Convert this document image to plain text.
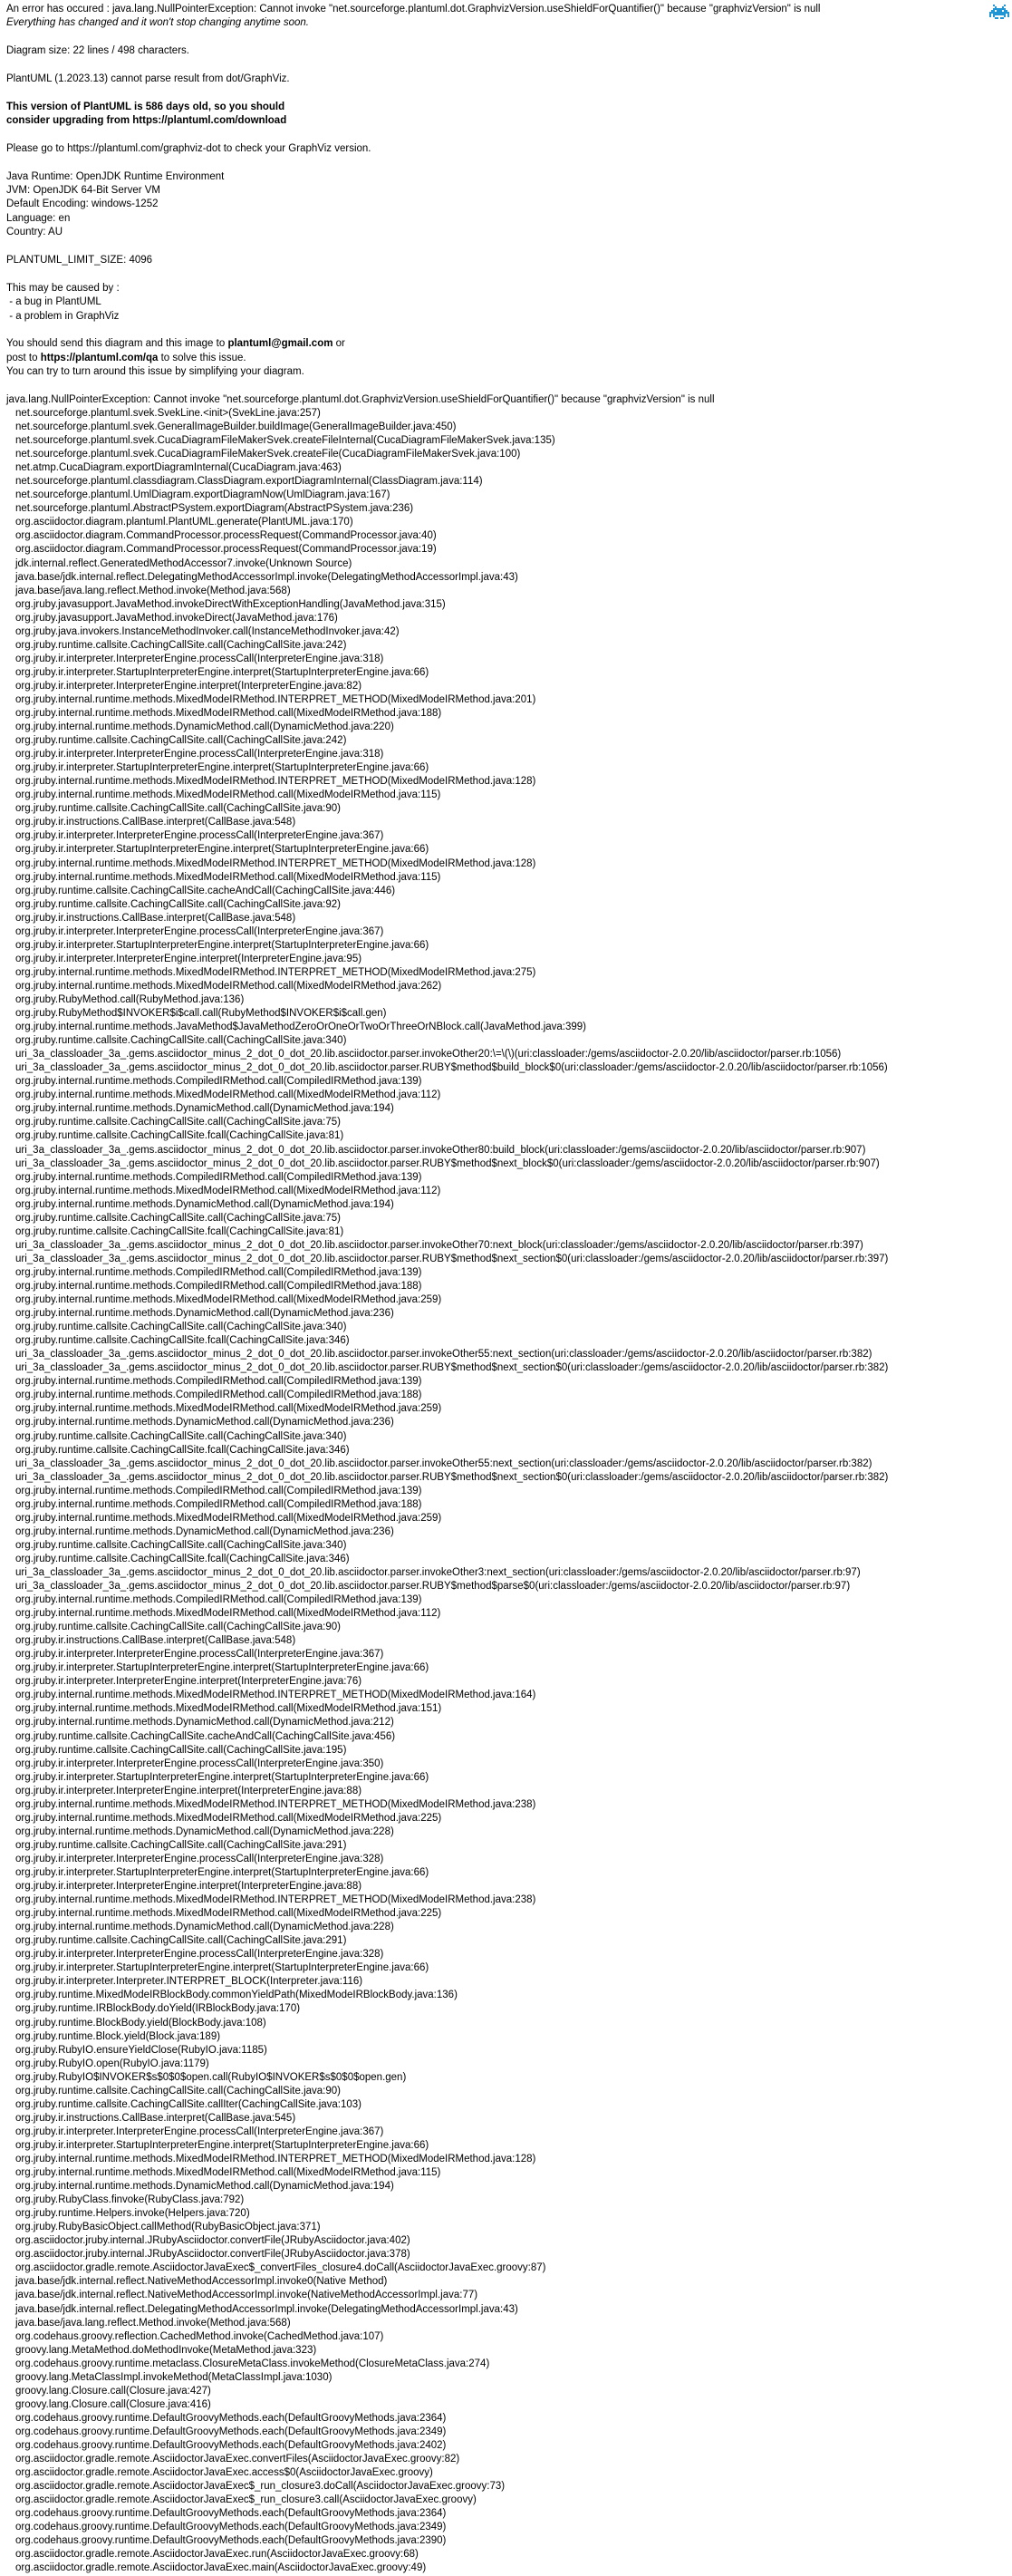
An error has occured : java.lang.NullPointerException: Cannot invoke "net.sourceforge.plantuml.dot.GraphvizVersion.useShieldForQuantifier()" because "graphvizVersion" is null
Everything has changed and it won't stop changing anytime soon.

Diagram size: 22 lines / 498 characters.

PlantUML (1.2023.13) cannot parse result from dot/GraphViz.

This version of PlantUML is 586 days old, so you should
consider upgrading from https://plantuml.com/download

Please go to https://plantuml.com/graphviz-dot to check your GraphViz version.

Java Runtime: OpenJDK Runtime Environment
JVM: OpenJDK 64-Bit Server VM
Default Encoding: windows-1252
Language: en
Country: AU

PLANTUML_LIMIT_SIZE: 4096

This may be caused by :
- a bug in PlantUML
- a problem in GraphViz

You should send this diagram and this image to plantuml@gmail.com or
post to https://plantuml.com/qa to solve this issue.
You can try to turn around this issue by simplifying your diagram.

java.lang.NullPointerException: Cannot invoke "net.sourceforge.plantuml.dot.GraphvizVersion.useShieldForQuantifier()" because "graphvizVersion" is null
net.sourceforge.plantuml.svek.SvekLine.<init>(SvekLine.java:257)
net.sourceforge.plantuml.svek.GeneralImageBuilder.buildImage(GeneralImageBuilder.java:450)
net.sourceforge.plantuml.svek.CucaDiagramFileMakerSvek.createFileInternal(CucaDiagramFileMakerSvek.java:135)
net.sourceforge.plantuml.svek.CucaDiagramFileMakerSvek.createFile(CucaDiagramFileMakerSvek.java:100)
net.atmp.CucaDiagram.exportDiagramInternal(CucaDiagram.java:463)
net.sourceforge.plantuml.classdiagram.ClassDiagram.exportDiagramInternal(ClassDiagram.java:114)
net.sourceforge.plantuml.UmlDiagram.exportDiagramNow(UmlDiagram.java:167)
net.sourceforge.plantuml.AbstractPSystem.exportDiagram(AbstractPSystem.java:236)
org.asciidoctor.diagram.plantuml.PlantUML.generate(PlantUML.java:170)
org.asciidoctor.diagram.CommandProcessor.processRequest(CommandProcessor.java:40)
org.asciidoctor.diagram.CommandProcessor.processRequest(CommandProcessor.java:19)
jdk.internal.reflect.GeneratedMethodAccessor7.invoke(Unknown Source)
java.base/jdk.internal.reflect.DelegatingMethodAccessorImpl.invoke(DelegatingMethodAccessorImpl.java:43)
java.base/java.lang.reflect.Method.invoke(Method.java:568)
org.jruby.javasupport.JavaMethod.invokeDirectWithExceptionHandling(JavaMethod.java:315)
org.jruby.javasupport.JavaMethod.invokeDirect(JavaMethod.java:176)
org.jruby.java.invokers.InstanceMethodInvoker.call(InstanceMethodInvoker.java:42)
org.jruby.runtime.callsite.CachingCallSite.call(CachingCallSite.java:242)
org.jruby.ir.interpreter.InterpreterEngine.processCall(InterpreterEngine.java:318)
org.jruby.ir.interpreter.StartupInterpreterEngine.interpret(StartupInterpreterEngine.java:66)
org.jruby.ir.interpreter.InterpreterEngine.interpret(InterpreterEngine.java:82)
org.jruby.internal.runtime.methods.MixedModeIRMethod.INTERPRET_METHOD(MixedModeIRMethod.java:201)
org.jruby.internal.runtime.methods.MixedModeIRMethod.call(MixedModeIRMethod.java:188)
org.jruby.internal.runtime.methods.DynamicMethod.call(DynamicMethod.java:220)
org.jruby.runtime.callsite.CachingCallSite.call(CachingCallSite.java:242)
org.jruby.ir.interpreter.InterpreterEngine.processCall(InterpreterEngine.java:318)
org.jruby.ir.interpreter.StartupInterpreterEngine.interpret(StartupInterpreterEngine.java:66)
org.jruby.internal.runtime.methods.MixedModeIRMethod.INTERPRET_METHOD(MixedModeIRMethod.java:128)
org.jruby.internal.runtime.methods.MixedModeIRMethod.call(MixedModeIRMethod.java:115)
org.jruby.runtime.callsite.CachingCallSite.call(CachingCallSite.java:90)
org.jruby.ir.instructions.CallBase.interpret(CallBase.java:548)
org.jruby.ir.interpreter.InterpreterEngine.processCall(InterpreterEngine.java:367)
org.jruby.ir.interpreter.StartupInterpreterEngine.interpret(StartupInterpreterEngine.java:66)
org.jruby.internal.runtime.methods.MixedModeIRMethod.INTERPRET_METHOD(MixedModeIRMethod.java:128)
org.jruby.internal.runtime.methods.MixedModeIRMethod.call(MixedModeIRMethod.java:115)
org.jruby.runtime.callsite.CachingCallSite.cacheAndCall(CachingCallSite.java:446)
org.jruby.runtime.callsite.CachingCallSite.call(CachingCallSite.java:92)
org.jruby.ir.instructions.CallBase.interpret(CallBase.java:548)
org.jruby.ir.interpreter.InterpreterEngine.processCall(InterpreterEngine.java:367)
org.jruby.ir.interpreter.StartupInterpreterEngine.interpret(StartupInterpreterEngine.java:66)
org.jruby.ir.interpreter.InterpreterEngine.interpret(InterpreterEngine.java:95)
org.jruby.internal.runtime.methods.MixedModeIRMethod.INTERPRET_METHOD(MixedModeIRMethod.java:275)
org.jruby.internal.runtime.methods.MixedModeIRMethod.call(MixedModeIRMethod.java:262)
org.jruby.RubyMethod.call(RubyMethod.java:136)
org.jruby.RubyMethod$INVOKER$i$call.call(RubyMethod$INVOKER$i$call.gen)
org.jruby.internal.runtime.methods.JavaMethod$JavaMethodZeroOrOneOrTwoOrThreeOrNBlock.call(JavaMethod.java:399)
org.jruby.runtime.callsite.CachingCallSite.call(CachingCallSite.java:340)
uri_3a_classloader_3a_.gems.asciidoctor_minus_2_dot_0_dot_20.lib.asciidoctor.parser.invokeOther20:\=\(\)(uri:classloader:/gems/asciidoctor-2.0.20/lib/asciidoctor/parser.rb:1056)
uri_3a_classloader_3a_.gems.asciidoctor_minus_2_dot_0_dot_20.lib.asciidoctor.parser.RUBY$method$build_block$0(uri:classloader:/gems/asciidoctor-2.0.20/lib/asciidoctor/parser.rb:1056)
org.jruby.internal.runtime.methods.CompiledIRMethod.call(CompiledIRMethod.java:139)
org.jruby.internal.runtime.methods.MixedModeIRMethod.call(MixedModeIRMethod.java:112)
org.jruby.internal.runtime.methods.DynamicMethod.call(DynamicMethod.java:194)
org.jruby.runtime.callsite.CachingCallSite.call(CachingCallSite.java:75)
org.jruby.runtime.callsite.CachingCallSite.fcall(CachingCallSite.java:81)
uri_3a_classloader_3a_.gems.asciidoctor_minus_2_dot_0_dot_20.lib.asciidoctor.parser.invokeOther80:build_block(uri:classloader:/gems/asciidoctor-2.0.20/lib/asciidoctor/parser.rb:907)
uri_3a_classloader_3a_.gems.asciidoctor_minus_2_dot_0_dot_20.lib.asciidoctor.parser.RUBY$method$next_block$0(uri:classloader:/gems/asciidoctor-2.0.20/lib/asciidoctor/parser.rb:907)
org.jruby.internal.runtime.methods.CompiledIRMethod.call(CompiledIRMethod.java:139)
org.jruby.internal.runtime.methods.MixedModeIRMethod.call(MixedModeIRMethod.java:112)
org.jruby.internal.runtime.methods.DynamicMethod.call(DynamicMethod.java:194)
org.jruby.runtime.callsite.CachingCallSite.call(CachingCallSite.java:75)
org.jruby.runtime.callsite.CachingCallSite.fcall(CachingCallSite.java:81)
uri_3a_classloader_3a_.gems.asciidoctor_minus_2_dot_0_dot_20.lib.asciidoctor.parser.invokeOther70:next_block(uri:classloader:/gems/asciidoctor-2.0.20/lib/asciidoctor/parser.rb:397)
uri_3a_classloader_3a_.gems.asciidoctor_minus_2_dot_0_dot_20.lib.asciidoctor.parser.RUBY$method$next_section$0(uri:classloader:/gems/asciidoctor-2.0.20/lib/asciidoctor/parser.rb:397)
org.jruby.internal.runtime.methods.CompiledIRMethod.call(CompiledIRMethod.java:139)
org.jruby.internal.runtime.methods.CompiledIRMethod.call(CompiledIRMethod.java:188)
org.jruby.internal.runtime.methods.MixedModeIRMethod.call(MixedModeIRMethod.java:259)
org.jruby.internal.runtime.methods.DynamicMethod.call(DynamicMethod.java:236)
org.jruby.runtime.callsite.CachingCallSite.call(CachingCallSite.java:340)
org.jruby.runtime.callsite.CachingCallSite.fcall(CachingCallSite.java:346)
uri_3a_classloader_3a_.gems.asciidoctor_minus_2_dot_0_dot_20.lib.asciidoctor.parser.invokeOther55:next_section(uri:classloader:/gems/asciidoctor-2.0.20/lib/asciidoctor/parser.rb:382)
uri_3a_classloader_3a_.gems.asciidoctor_minus_2_dot_0_dot_20.lib.asciidoctor.parser.RUBY$method$next_section$0(uri:classloader:/gems/asciidoctor-2.0.20/lib/asciidoctor/parser.rb:382)
org.jruby.internal.runtime.methods.CompiledIRMethod.call(CompiledIRMethod.java:139)
org.jruby.internal.runtime.methods.CompiledIRMethod.call(CompiledIRMethod.java:188)
org.jruby.internal.runtime.methods.MixedModeIRMethod.call(MixedModeIRMethod.java:259)
org.jruby.internal.runtime.methods.DynamicMethod.call(DynamicMethod.java:236)
org.jruby.runtime.callsite.CachingCallSite.call(CachingCallSite.java:340)
org.jruby.runtime.callsite.CachingCallSite.fcall(CachingCallSite.java:346)
uri_3a_classloader_3a_.gems.asciidoctor_minus_2_dot_0_dot_20.lib.asciidoctor.parser.invokeOther55:next_section(uri:classloader:/gems/asciidoctor-2.0.20/lib/asciidoctor/parser.rb:382)
uri_3a_classloader_3a_.gems.asciidoctor_minus_2_dot_0_dot_20.lib.asciidoctor.parser.RUBY$method$next_section$0(uri:classloader:/gems/asciidoctor-2.0.20/lib/asciidoctor/parser.rb:382)
org.jruby.internal.runtime.methods.CompiledIRMethod.call(CompiledIRMethod.java:139)
org.jruby.internal.runtime.methods.CompiledIRMethod.call(CompiledIRMethod.java:188)
org.jruby.internal.runtime.methods.MixedModeIRMethod.call(MixedModeIRMethod.java:259)
org.jruby.internal.runtime.methods.DynamicMethod.call(DynamicMethod.java:236)
org.jruby.runtime.callsite.CachingCallSite.call(CachingCallSite.java:340)
org.jruby.runtime.callsite.CachingCallSite.fcall(CachingCallSite.java:346)
uri_3a_classloader_3a_.gems.asciidoctor_minus_2_dot_0_dot_20.lib.asciidoctor.parser.invokeOther3:next_section(uri:classloader:/gems/asciidoctor-2.0.20/lib/asciidoctor/parser.rb:97)
uri_3a_classloader_3a_.gems.asciidoctor_minus_2_dot_0_dot_20.lib.asciidoctor.parser.RUBY$method$parse$0(uri:classloader:/gems/asciidoctor-2.0.20/lib/asciidoctor/parser.rb:97)
org.jruby.internal.runtime.methods.CompiledIRMethod.call(CompiledIRMethod.java:139)
org.jruby.internal.runtime.methods.MixedModeIRMethod.call(MixedModeIRMethod.java:112)
org.jruby.runtime.callsite.CachingCallSite.call(CachingCallSite.java:90)
org.jruby.ir.instructions.CallBase.interpret(CallBase.java:548)
org.jruby.ir.interpreter.InterpreterEngine.processCall(InterpreterEngine.java:367)
org.jruby.ir.interpreter.StartupInterpreterEngine.interpret(StartupInterpreterEngine.java:66)
org.jruby.ir.interpreter.InterpreterEngine.interpret(InterpreterEngine.java:76)
org.jruby.internal.runtime.methods.MixedModeIRMethod.INTERPRET_METHOD(MixedModeIRMethod.java:164)
org.jruby.internal.runtime.methods.MixedModeIRMethod.call(MixedModeIRMethod.java:151)
org.jruby.internal.runtime.methods.DynamicMethod.call(DynamicMethod.java:212)
org.jruby.runtime.callsite.CachingCallSite.cacheAndCall(CachingCallSite.java:456)
org.jruby.runtime.callsite.CachingCallSite.call(CachingCallSite.java:195)
org.jruby.ir.interpreter.InterpreterEngine.processCall(InterpreterEngine.java:350)
org.jruby.ir.interpreter.StartupInterpreterEngine.interpret(StartupInterpreterEngine.java:66)
org.jruby.ir.interpreter.InterpreterEngine.interpret(InterpreterEngine.java:88)
org.jruby.internal.runtime.methods.MixedModeIRMethod.INTERPRET_METHOD(MixedModeIRMethod.java:238)
org.jruby.internal.runtime.methods.MixedModeIRMethod.call(MixedModeIRMethod.java:225)
org.jruby.internal.runtime.methods.DynamicMethod.call(DynamicMethod.java:228)
org.jruby.runtime.callsite.CachingCallSite.call(CachingCallSite.java:291)
org.jruby.ir.interpreter.InterpreterEngine.processCall(InterpreterEngine.java:328)
org.jruby.ir.interpreter.StartupInterpreterEngine.interpret(StartupInterpreterEngine.java:66)
org.jruby.ir.interpreter.InterpreterEngine.interpret(InterpreterEngine.java:88)
org.jruby.internal.runtime.methods.MixedModeIRMethod.INTERPRET_METHOD(MixedModeIRMethod.java:238)
org.jruby.internal.runtime.methods.MixedModeIRMethod.call(MixedModeIRMethod.java:225)
org.jruby.internal.runtime.methods.DynamicMethod.call(DynamicMethod.java:228)
org.jruby.runtime.callsite.CachingCallSite.call(CachingCallSite.java:291)
org.jruby.ir.interpreter.InterpreterEngine.processCall(InterpreterEngine.java:328)
org.jruby.ir.interpreter.StartupInterpreterEngine.interpret(StartupInterpreterEngine.java:66)
org.jruby.ir.interpreter.Interpreter.INTERPRET_BLOCK(Interpreter.java:116)
org.jruby.runtime.MixedModeIRBlockBody.commonYieldPath(MixedModeIRBlockBody.java:136)
org.jruby.runtime.IRBlockBody.doYield(IRBlockBody.java:170)
org.jruby.runtime.BlockBody.yield(BlockBody.java:108)
org.jruby.runtime.Block.yield(Block.java:189)
org.jruby.RubyIO.ensureYieldClose(RubyIO.java:1185)
org.jruby.RubyIO.open(RubyIO.java:1179)
org.jruby.RubyIO$INVOKER$s$0$0$open.call(RubyIO$INVOKER$s$0$0$open.gen)
org.jruby.runtime.callsite.CachingCallSite.call(CachingCallSite.java:90)
org.jruby.runtime.callsite.CachingCallSite.callIter(CachingCallSite.java:103)
org.jruby.ir.instructions.CallBase.interpret(CallBase.java:545)
org.jruby.ir.interpreter.InterpreterEngine.processCall(InterpreterEngine.java:367)
org.jruby.ir.interpreter.StartupInterpreterEngine.interpret(StartupInterpreterEngine.java:66)
org.jruby.internal.runtime.methods.MixedModeIRMethod.INTERPRET_METHOD(MixedModeIRMethod.java:128)
org.jruby.internal.runtime.methods.MixedModeIRMethod.call(MixedModeIRMethod.java:115)
org.jruby.internal.runtime.methods.DynamicMethod.call(DynamicMethod.java:194)
org.jruby.RubyClass.finvoke(RubyClass.java:792)
org.jruby.runtime.Helpers.invoke(Helpers.java:720)
org.jruby.RubyBasicObject.callMethod(RubyBasicObject.java:371)
org.asciidoctor.jruby.internal.JRubyAsciidoctor.convertFile(JRubyAsciidoctor.java:402)
org.asciidoctor.jruby.internal.JRubyAsciidoctor.convertFile(JRubyAsciidoctor.java:378)
org.asciidoctor.gradle.remote.AsciidoctorJavaExec$_convertFiles_closure4.doCall(AsciidoctorJavaExec.groovy:87)
java.base/jdk.internal.reflect.NativeMethodAccessorImpl.invoke0(Native Method)
java.base/jdk.internal.reflect.NativeMethodAccessorImpl.invoke(NativeMethodAccessorImpl.java:77)
java.base/jdk.internal.reflect.DelegatingMethodAccessorImpl.invoke(DelegatingMethodAccessorImpl.java:43)
java.base/java.lang.reflect.Method.invoke(Method.java:568)
org.codehaus.groovy.reflection.CachedMethod.invoke(CachedMethod.java:107)
groovy.lang.MetaMethod.doMethodInvoke(MetaMethod.java:323)
org.codehaus.groovy.runtime.metaclass.ClosureMetaClass.invokeMethod(ClosureMetaClass.java:274)
groovy.lang.MetaClassImpl.invokeMethod(MetaClassImpl.java:1030)
groovy.lang.Closure.call(Closure.java:427)
groovy.lang.Closure.call(Closure.java:416)
org.codehaus.groovy.runtime.DefaultGroovyMethods.each(DefaultGroovyMethods.java:2364)
org.codehaus.groovy.runtime.DefaultGroovyMethods.each(DefaultGroovyMethods.java:2349)
org.codehaus.groovy.runtime.DefaultGroovyMethods.each(DefaultGroovyMethods.java:2402)
org.asciidoctor.gradle.remote.AsciidoctorJavaExec.convertFiles(AsciidoctorJavaExec.groovy:82)
org.asciidoctor.gradle.remote.AsciidoctorJavaExec.access$0(AsciidoctorJavaExec.groovy)
org.asciidoctor.gradle.remote.AsciidoctorJavaExec$_run_closure3.doCall(AsciidoctorJavaExec.groovy:73)
org.asciidoctor.gradle.remote.AsciidoctorJavaExec$_run_closure3.call(AsciidoctorJavaExec.groovy)
org.codehaus.groovy.runtime.DefaultGroovyMethods.each(DefaultGroovyMethods.java:2364)
org.codehaus.groovy.runtime.DefaultGroovyMethods.each(DefaultGroovyMethods.java:2349)
org.codehaus.groovy.runtime.DefaultGroovyMethods.each(DefaultGroovyMethods.java:2390)
org.asciidoctor.gradle.remote.AsciidoctorJavaExec.run(AsciidoctorJavaExec.groovy:68)
org.asciidoctor.gradle.remote.AsciidoctorJavaExec.main(AsciidoctorJavaExec.groovy:49)
